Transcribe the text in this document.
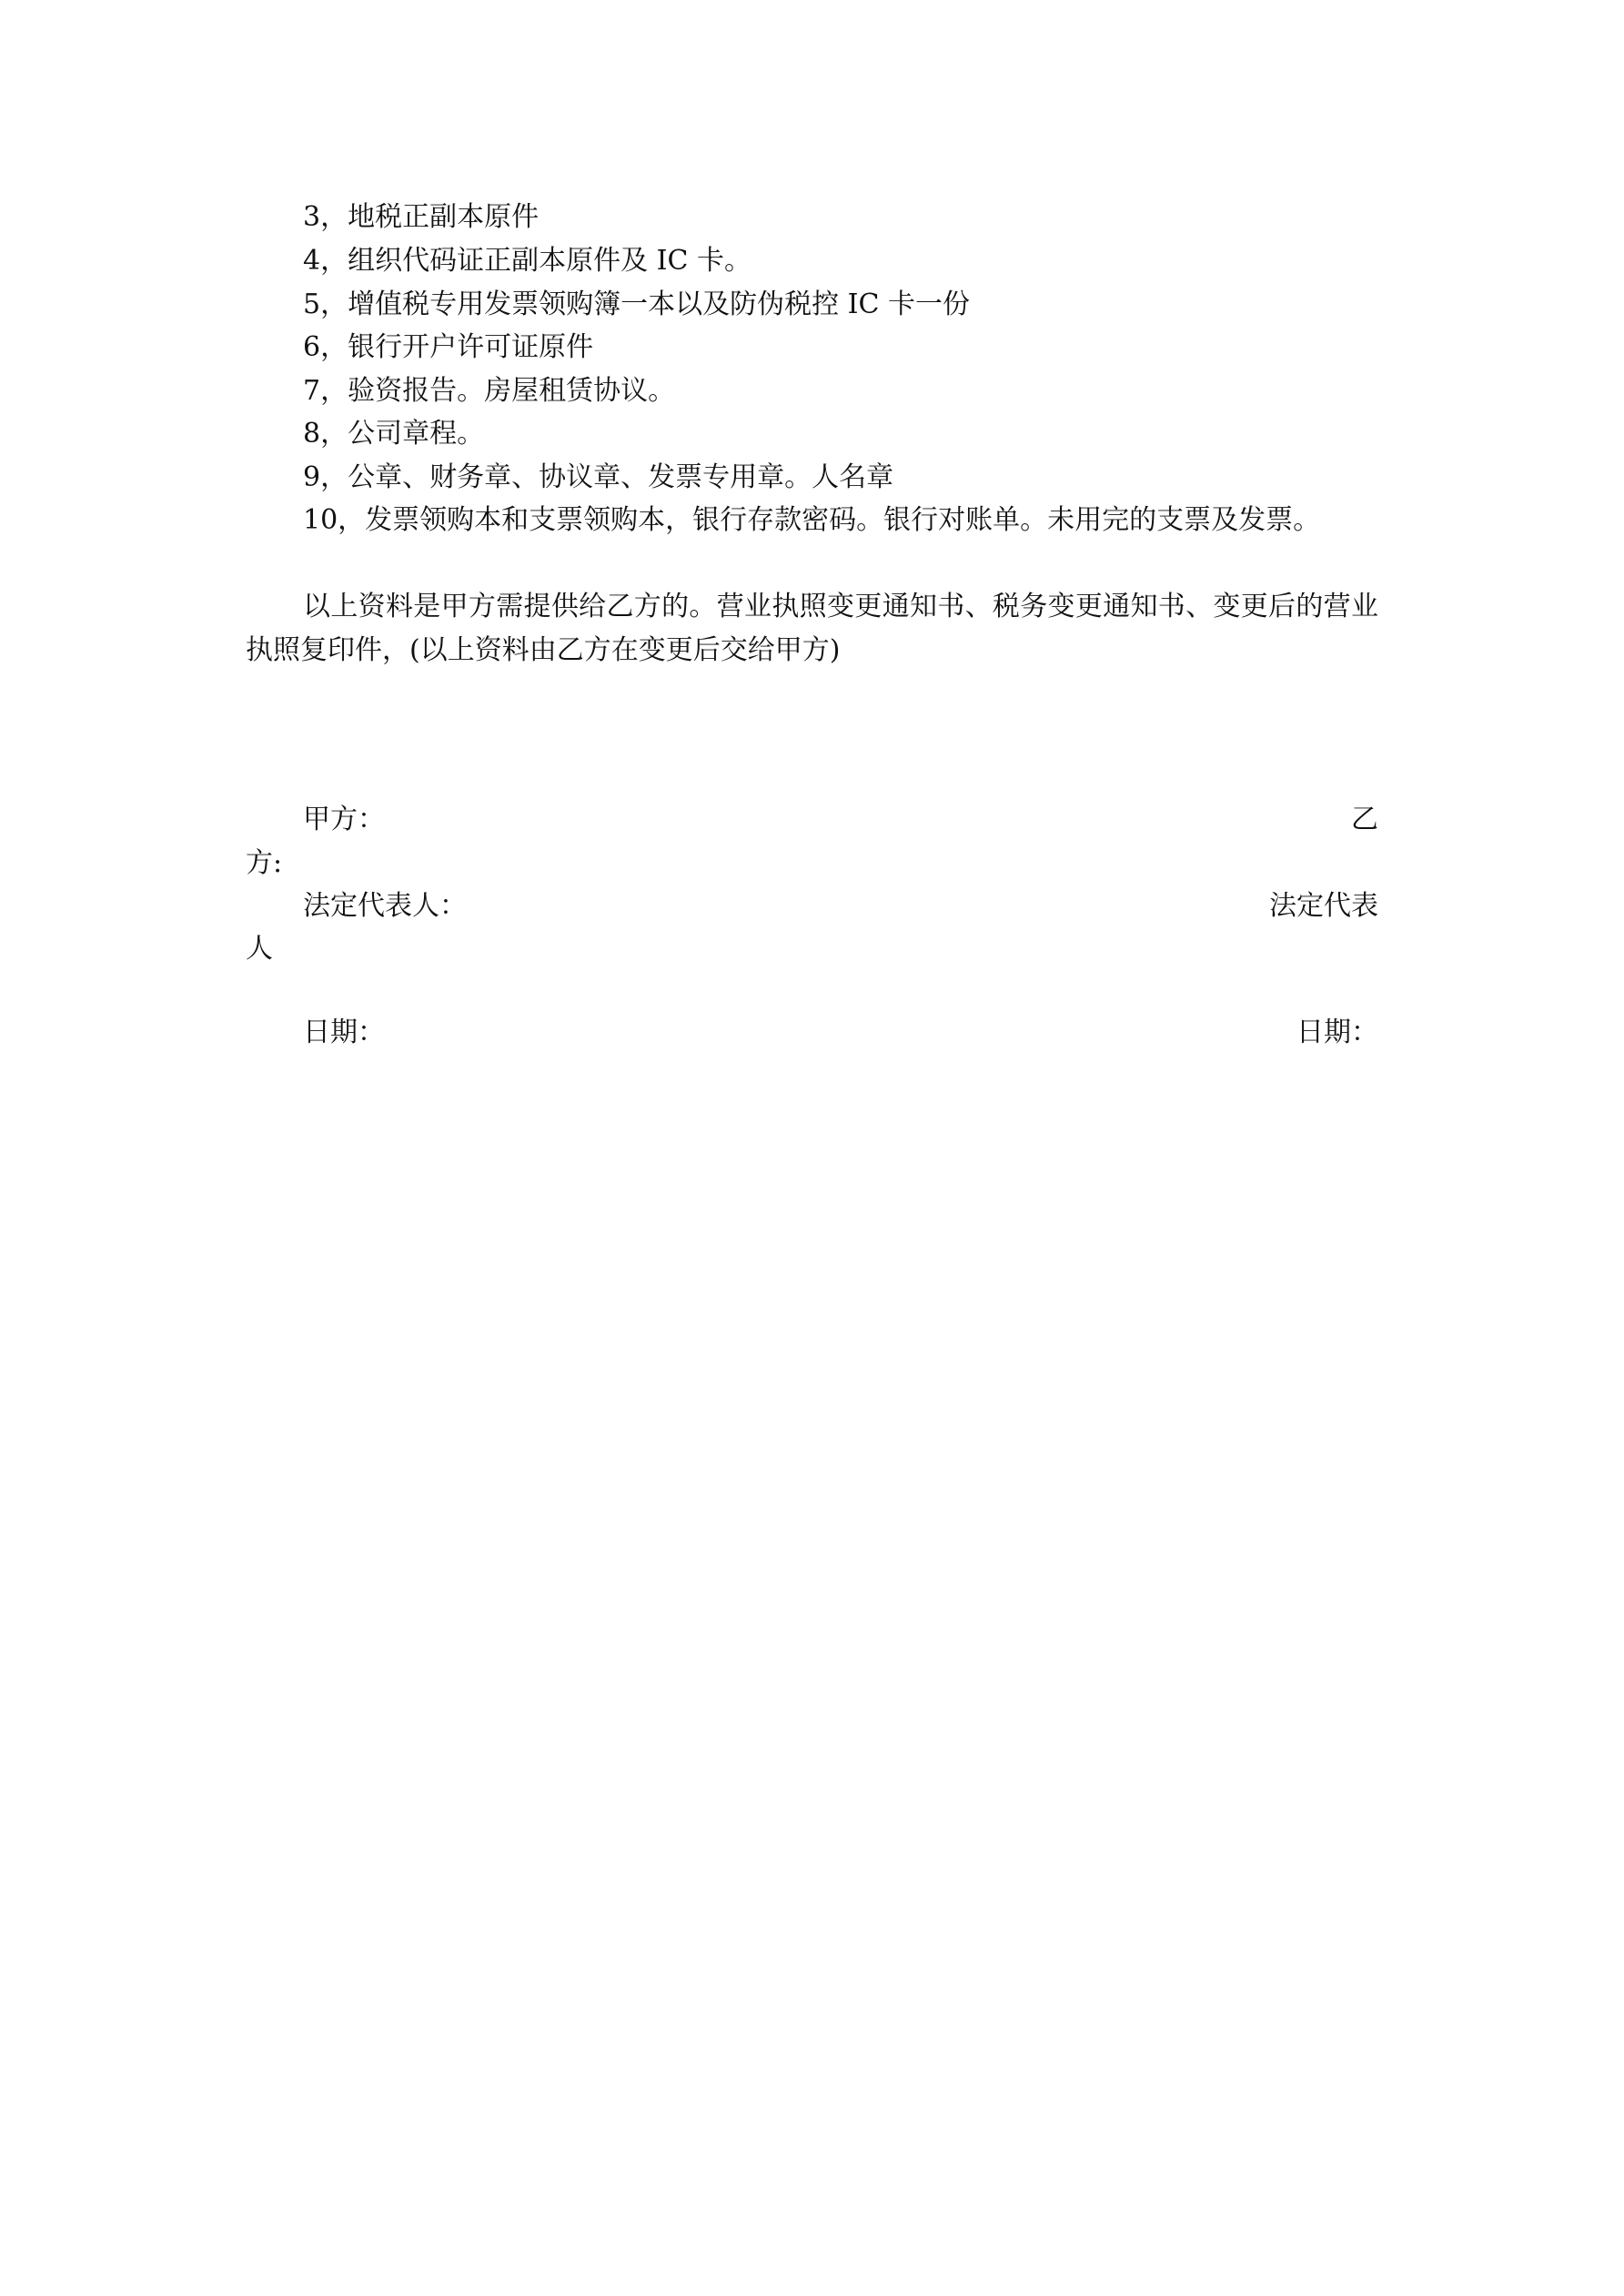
3，地税正副本原件
4，组织代码证正副本原件及 IC 卡。
5，增值税专用发票领购簿一本以及防伪税控 IC 卡一份
6，银行开户许可证原件
7，验资报告。房屋租赁协议。
8，公司章程。
9，公章、财务章、协议章、发票专用章。人名章
10，发票领购本和支票领购本，银行存款密码。银行对账单。未用完的支票及发票。
以上资料是甲方需提供给乙方的。营业执照变更通知书、税务变更通知书、变更后的营业执照复印件，(以上资料由乙方在变更后交给甲方)
甲方：	乙
方:
法定代表人：	法定代表
人
日期：	日期：
